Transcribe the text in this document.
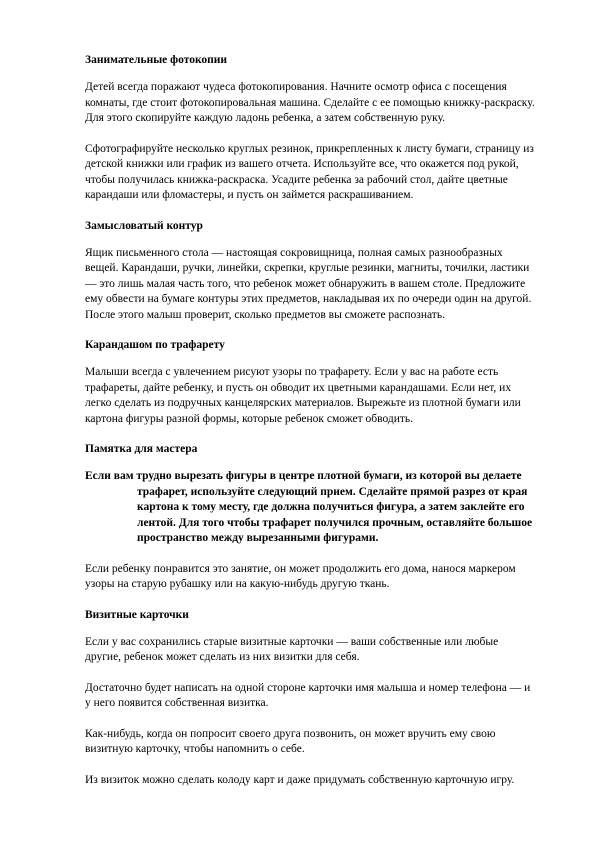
Занимательные фотокопии

Детей всегда поражают чудеса фотокопирования. Начните осмотр офиса с посещения комнаты, где стоит фотокопировальная машина. Сделайте с ее помощью книжку-раскраску. Для этого скопируйте каждую ладонь ребенка, а затем собственную руку.

Сфотографируйте несколько круглых резинок, прикрепленных к листу бумаги, страницу из детской книжки или график из вашего отчета. Используйте все, что окажется под рукой, чтобы получилась книжка-раскраска. Усадите ребенка за рабочий стол, дайте цветные карандаши или фломастеры, и пусть он займется раскрашиванием.

Замысловатый контур

Ящик письменного стола — настоящая сокровищница, полная самых разнообразных вещей. Карандаши, ручки, линейки, скрепки, круглые резинки, магниты, точилки, ластики — это лишь малая часть того, что ребенок может обнаружить в вашем столе. Предложите ему обвести на бумаге контуры этих предметов, накладывая их по очереди один на другой. После этого малыш проверит, сколько предметов вы сможете распознать.

Карандашом по трафарету

Малыши всегда с увлечением рисуют узоры по трафарету. Если у вас на работе есть трафареты, дайте ребенку, и пусть он обводит их цветными карандашами. Если нет, их легко сделать из подручных канцелярских материалов. Вырежьте из плотной бумаги или картона фигуры разной формы, которые ребенок сможет обводить.

Памятка для мастера

Если вам трудно вырезать фигуры в центре плотной бумаги, из которой вы делаете трафарет, используйте следующий прием. Сделайте прямой разрез от края картона к тому месту, где должна получиться фигура, а затем заклейте его лентой. Для того чтобы трафарет получился прочным, оставляйте большое пространство между вырезанными фигурами.

Если ребенку понравится это занятие, он может продолжить его дома, нанося маркером узоры на старую рубашку или на какую-нибудь другую ткань.

Визитные карточки

Если у вас сохранились старые визитные карточки — ваши собственные или любые другие, ребенок может сделать из них визитки для себя.

Достаточно будет написать на одной стороне карточки имя малыша и номер телефона — и у него появится собственная визитка.

Как-нибудь, когда он попросит своего друга позвонить, он может вручить ему свою визитную карточку, чтобы напомнить о себе.

Из визиток можно сделать колоду карт и даже придумать собственную карточную игру.
